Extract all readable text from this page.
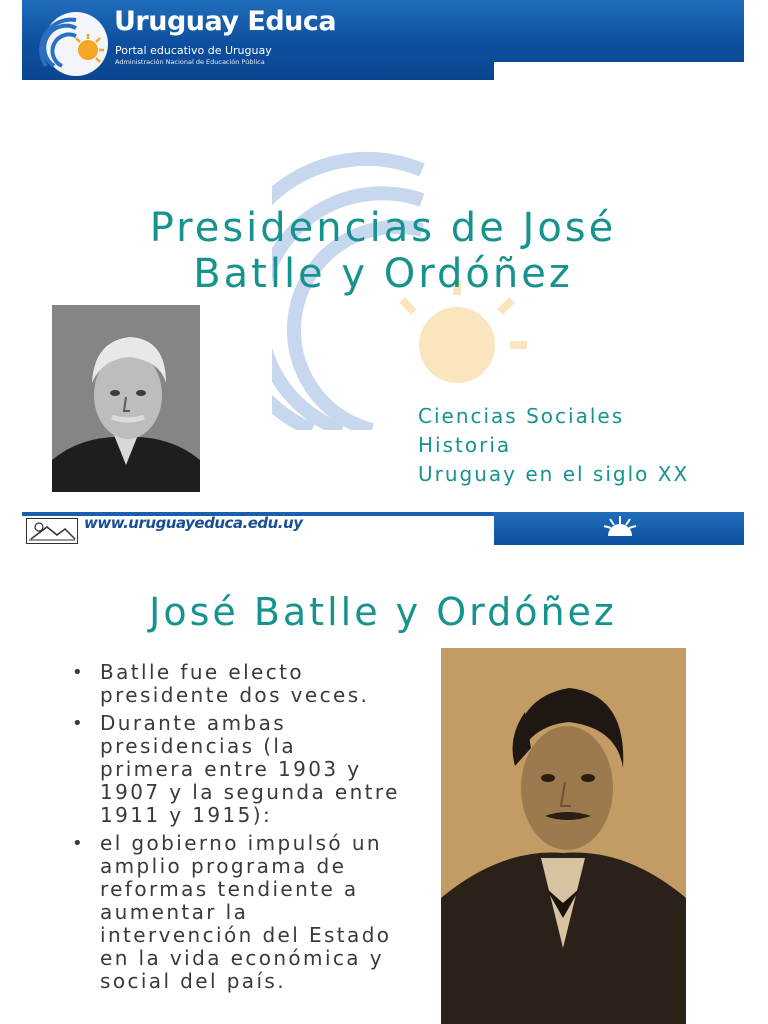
Uruguay Educa
Portal educativo de Uruguay
Administración Nacional de Educación Pública
Presidencias de José
Batlle y Ordóñez
Ciencias Sociales
Historia
Uruguay en el siglo XX
www.uruguayeduca.edu.uy
José Batlle y Ordóñez
• Batlle fue electo
presidente dos veces.
• Durante ambas
presidencias (la
primera entre 1903 y
1907 y la segunda entre
1911 y 1915):
• el gobierno impulsó un
amplio programa de
reformas tendiente a
aumentar la
intervención del Estado
en la vida económica y
social del país.
